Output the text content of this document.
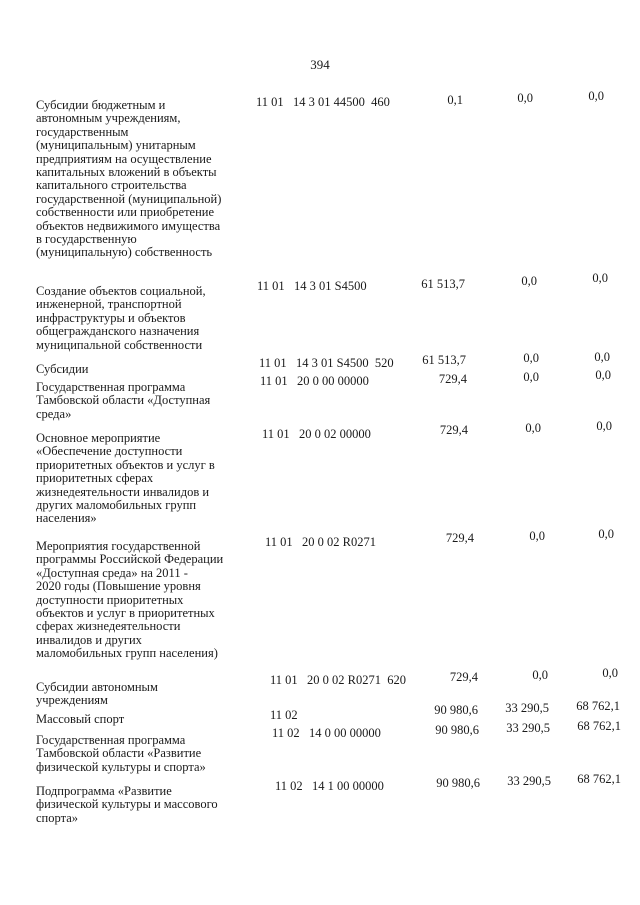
394
Субсидии бюджетным и
автономным учреждениям,
государственным
(муниципальным) унитарным
предприятиям на осуществление
капитальных вложений в объекты
капитального строительства
государственной (муниципальной)
собственности или приобретение
объектов недвижимого имущества
в государственную
(муниципальную) собственность
11 01   14 3 01 44500  460	0,1	0,0	0,0
Создание объектов социальной,
инженерной, транспортной
инфраструктуры и объектов
общегражданского назначения
муниципальной собственности
11 01   14 3 01 S4500	61 513,7	0,0	0,0
Субсидии	11 01   14 3 01 S4500  520	61 513,7	0,0	0,0
Государственная программа
Тамбовской области «Доступная
среда»
11 01   20 0 00 00000	729,4	0,0	0,0
Основное мероприятие
«Обеспечение доступности
приоритетных объектов и услуг в
приоритетных сферах
жизнедеятельности инвалидов и
других маломобильных групп
населения»
11 01   20 0 02 00000	729,4	0,0	0,0
Мероприятия государственной
программы Российской Федерации
«Доступная среда» на 2011 -
2020 годы (Повышение уровня
доступности приоритетных
объектов и услуг в приоритетных
сферах жизнедеятельности
инвалидов и других
маломобильных групп населения)
11 01   20 0 02 R0271	729,4	0,0	0,0
Субсидии автономным
учреждениям
11 01   20 0 02 R0271  620	729,4	0,0	0,0
Массовый спорт	11 02	90 980,6	33 290,5	68 762,1
Государственная программа
Тамбовской области «Развитие
физической культуры и спорта»
11 02   14 0 00 00000	90 980,6	33 290,5	68 762,1
Подпрограмма «Развитие
физической культуры и массового
спорта»
11 02   14 1 00 00000	90 980,6	33 290,5	68 762,1
